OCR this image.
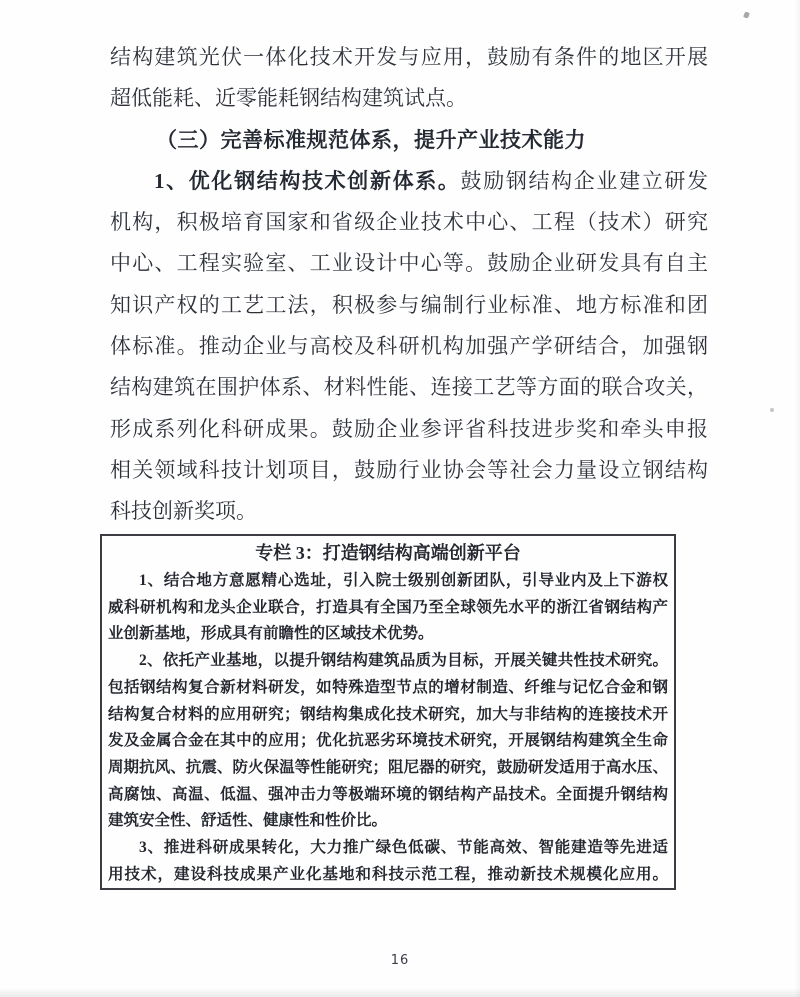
结构建筑光伏一体化技术开发与应用，鼓励有条件的地区开展

超低能耗、近零能耗钢结构建筑试点。

（三）完善标准规范体系，提升产业技术能力

1、优化钢结构技术创新体系。鼓励钢结构企业建立研发

机构，积极培育国家和省级企业技术中心、工程（技术）研究

中心、工程实验室、工业设计中心等。鼓励企业研发具有自主

知识产权的工艺工法，积极参与编制行业标准、地方标准和团

体标准。推动企业与高校及科研机构加强产学研结合，加强钢

结构建筑在围护体系、材料性能、连接工艺等方面的联合攻关，

形成系列化科研成果。鼓励企业参评省科技进步奖和牵头申报

相关领域科技计划项目，鼓励行业协会等社会力量设立钢结构

科技创新奖项。

专栏 3：打造钢结构高端创新平台

1、结合地方意愿精心选址，引入院士级别创新团队，引导业内及上下游权

威科研机构和龙头企业联合，打造具有全国乃至全球领先水平的浙江省钢结构产

业创新基地，形成具有前瞻性的区域技术优势。

2、依托产业基地，以提升钢结构建筑品质为目标，开展关键共性技术研究。

包括钢结构复合新材料研发，如特殊造型节点的增材制造、纤维与记忆合金和钢

结构复合材料的应用研究；钢结构集成化技术研究，加大与非结构的连接技术开

发及金属合金在其中的应用；优化抗恶劣环境技术研究，开展钢结构建筑全生命

周期抗风、抗震、防火保温等性能研究；阻尼器的研究，鼓励研发适用于高水压、

高腐蚀、高温、低温、强冲击力等极端环境的钢结构产品技术。全面提升钢结构

建筑安全性、舒适性、健康性和性价比。

3、推进科研成果转化，大力推广绿色低碳、节能高效、智能建造等先进适

用技术，建设科技成果产业化基地和科技示范工程，推动新技术规模化应用。

16
